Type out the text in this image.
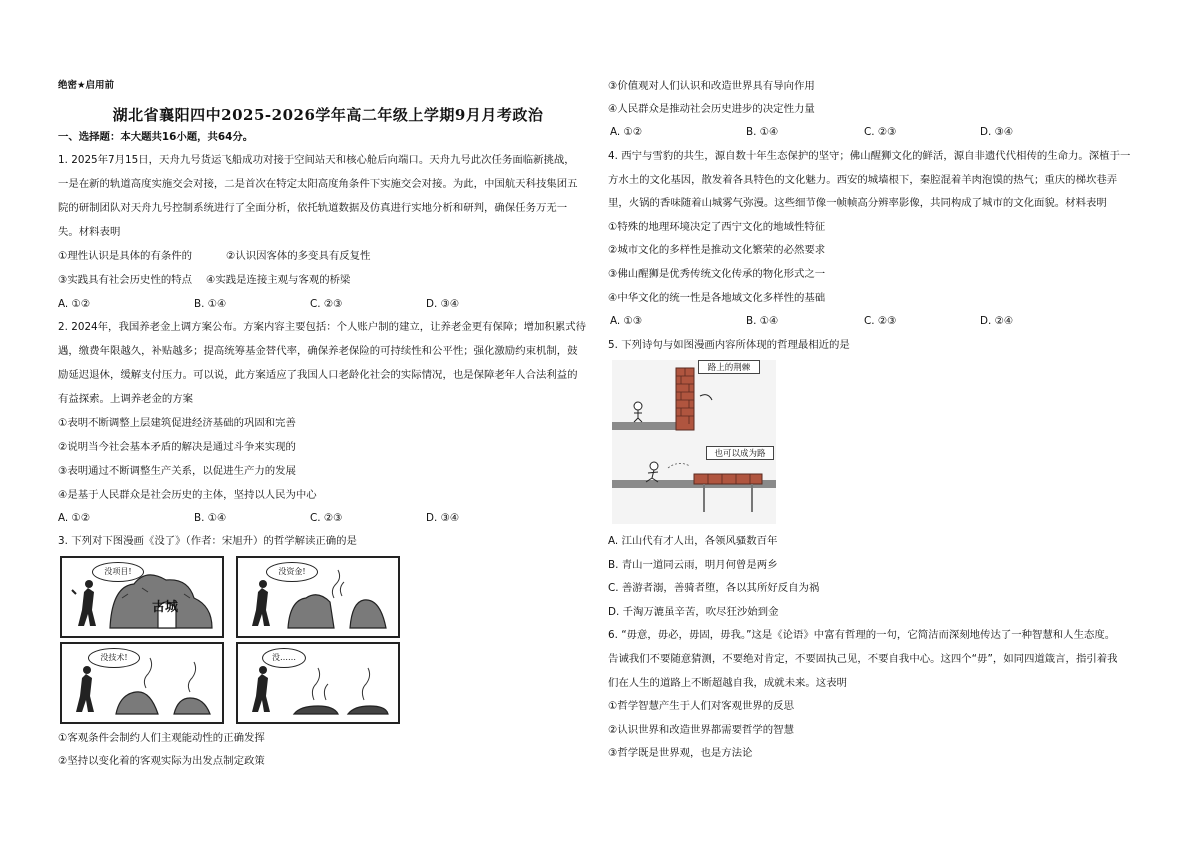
绝密★启用前
湖北省襄阳四中2025-2026学年高二年级上学期9月月考政治
一、选择题：本大题共16小题，共64分。
1. 2025年7月15日，天舟九号货运飞船成功对接于空间站天和核心舱后向端口。天舟九号此次任务面临新挑战，
一是在新的轨道高度实施交会对接，二是首次在特定太阳高度角条件下实施交会对接。为此，中国航天科技集团五
院的研制团队对天舟九号控制系统进行了全面分析，依托轨道数据及仿真进行实地分析和研判，确保任务万无一
失。材料表明
①理性认识是具体的有条件的	②认识因客体的多变具有反复性
③实践具有社会历史性的特点 ④实践是连接主观与客观的桥梁
A. ①②	B. ①④	C. ②③	D. ③④
2. 2024年，我国养老金上调方案公布。方案内容主要包括：个人账户制的建立，让养老金更有保障；增加积累式待
遇，缴费年限越久，补贴越多；提高统筹基金替代率，确保养老保险的可持续性和公平性；强化激励约束机制，鼓
励延迟退休，缓解支付压力。可以说，此方案适应了我国人口老龄化社会的实际情况，也是保障老年人合法利益的
有益探索。上调养老金的方案
①表明不断调整上层建筑促进经济基础的巩固和完善
②说明当今社会基本矛盾的解决是通过斗争来实现的
③表明通过不断调整生产关系，以促进生产力的发展
④是基于人民群众是社会历史的主体，坚持以人民为中心
A. ①②	B. ①④	C. ②③	D. ③④
3. 下列对下图漫画《没了》（作者：宋旭升）的哲学解读正确的是
没项目!
古城
没资金!
没技术!	没……
①客观条件会制约人们主观能动性的正确发挥
②坚持以变化着的客观实际为出发点制定政策
③价值观对人们认识和改造世界具有导向作用
④人民群众是推动社会历史进步的决定性力量
A. ①②	B. ①④	C. ②③	D. ③④
4. 西宁与雪豹的共生，源自数十年生态保护的坚守；佛山醒狮文化的鲜活，源自非遗代代相传的生命力。深植于一
方水土的文化基因，散发着各具特色的文化魅力。西安的城墙根下，秦腔混着羊肉泡馍的热气；重庆的梯坎巷弄
里，火锅的香味随着山城雾气弥漫。这些细节像一帧帧高分辨率影像，共同构成了城市的文化面貌。材料表明
①特殊的地理环境决定了西宁文化的地域性特征
②城市文化的多样性是推动文化繁荣的必然要求
③佛山醒狮是优秀传统文化传承的物化形式之一
④中华文化的统一性是各地域文化多样性的基础
A. ①③	B. ①④	C. ②③	D. ②④
5. 下列诗句与如图漫画内容所体现的哲理最相近的是
路上的荆棘
也可以成为路
A. 江山代有才人出，各领风骚数百年
B. 青山一道同云雨，明月何曾是两乡
C. 善游者溺，善骑者堕，各以其所好反自为祸
D. 千淘万漉虽辛苦，吹尽狂沙始到金
6. “毋意，毋必，毋固，毋我。”这是《论语》中富有哲理的一句，它简洁而深刻地传达了一种智慧和人生态度。
告诫我们不要随意猜测，不要绝对肯定，不要固执己见，不要自我中心。这四个“毋”，如同四道箴言，指引着我
们在人生的道路上不断超越自我，成就未来。这表明
①哲学智慧产生于人们对客观世界的反思
②认识世界和改造世界都需要哲学的智慧
③哲学既是世界观，也是方法论
